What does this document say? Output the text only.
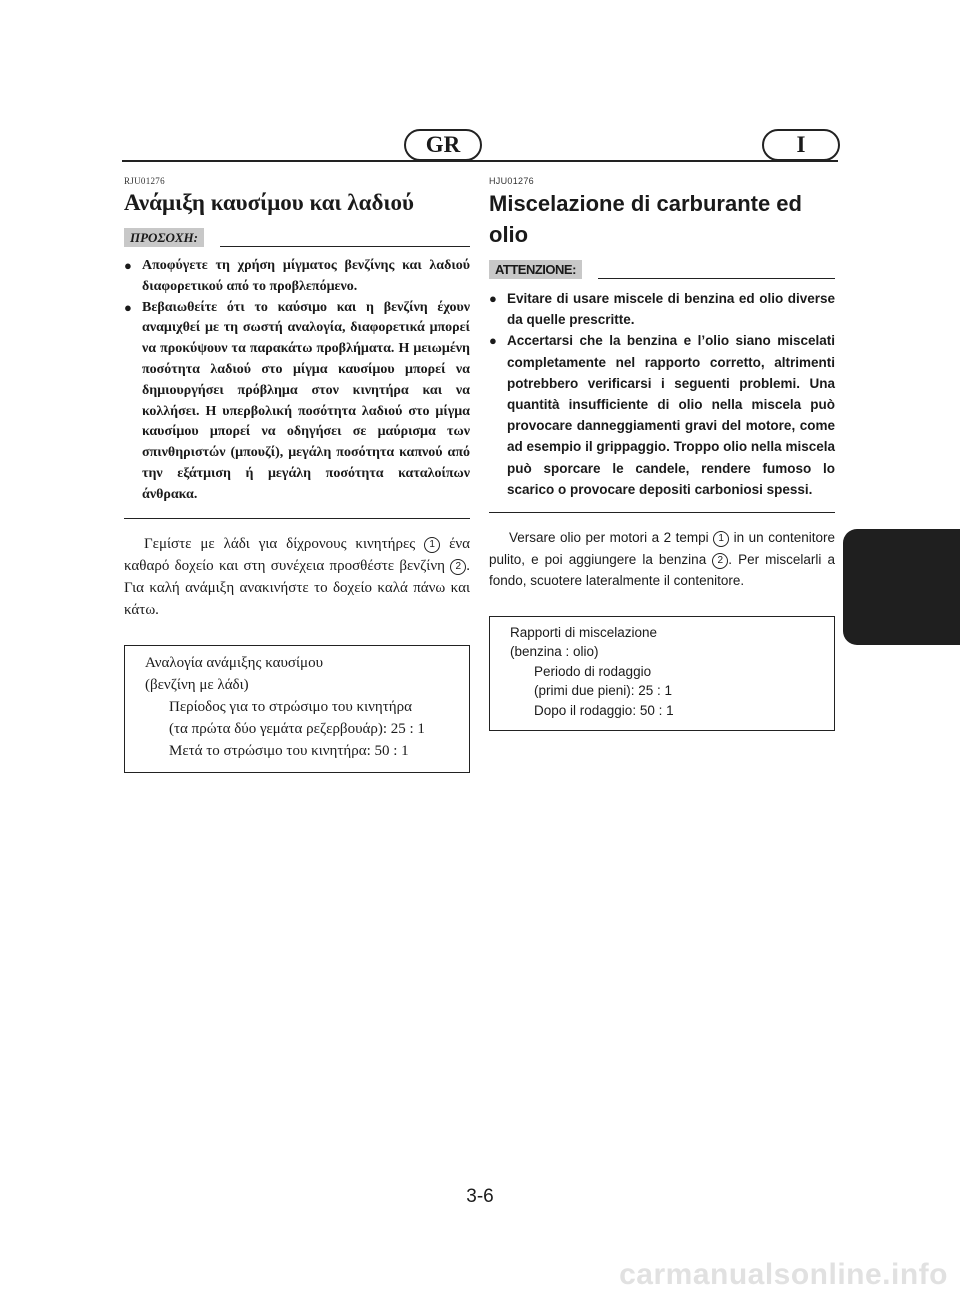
GR	I
RJU01276
Ανάμιξη καυσίμου και λαδιού
ΠΡΟΣΟΧΗ:
● Αποφύγετε τη χρήση μίγματος βενζίνης και λαδιού διαφορετικού από το προβλεπόμενο.
● Βεβαιωθείτε ότι το καύσιμο και η βενζίνη έχουν αναμιχθεί με τη σωστή αναλογία, διαφορετικά μπορεί να προκύψουν τα παρακάτω προβλήματα. Η μειωμένη ποσότητα λαδιού στο μίγμα καυσίμου μπορεί να δημιουργήσει πρόβλημα στον κινητήρα και να κολλήσει. Η υπερβολική ποσότητα λαδιού στο μίγμα καυσίμου μπορεί να οδηγήσει σε μαύρισμα των σπινθηριστών (μπουζί), μεγάλη ποσότητα καπνού από την εξάτμιση ή μεγάλη ποσότητα καταλοίπων άνθρακα.

Γεμίστε με λάδι για δίχρονους κινητήρες 1 ένα καθαρό δοχείο και στη συνέχεια προσθέστε βενζίνη 2 . Για καλή ανάμιξη ανακινήστε το δοχείο καλά πάνω και κάτω.

Αναλογία ανάμιξης καυσίμου
(βενζίνη με λάδι)
Περίοδος για το στρώσιμο του κινητήρα
(τα πρώτα δύο γεμάτα ρεζερβουάρ): 25 : 1
Μετά το στρώσιμο του κινητήρα: 50 : 1
HJU01276
Miscelazione di carburante ed olio
ATTENZIONE:
● Evitare di usare miscele di benzina ed olio diverse da quelle prescritte.
● Accertarsi che la benzina e l’olio siano miscelati completamente nel rapporto corretto, altrimenti potrebbero verificarsi i seguenti problemi. Una quantità insufficiente di olio nella miscela può provocare danneggiamenti gravi del motore, come ad esempio il grippaggio. Troppo olio nella miscela può sporcare le candele, rendere fumoso lo scarico o provocare depositi carboniosi spessi.

Versare olio per motori a 2 tempi 1 in un contenitore pulito, e poi aggiungere la benzina 2 . Per miscelarli a fondo, scuotere lateralmente il contenitore.

Rapporti di miscelazione
(benzina : olio)
Periodo di rodaggio
(primi due pieni): 25 : 1
Dopo il rodaggio: 50 : 1
3-6
carmanualsonline.info
